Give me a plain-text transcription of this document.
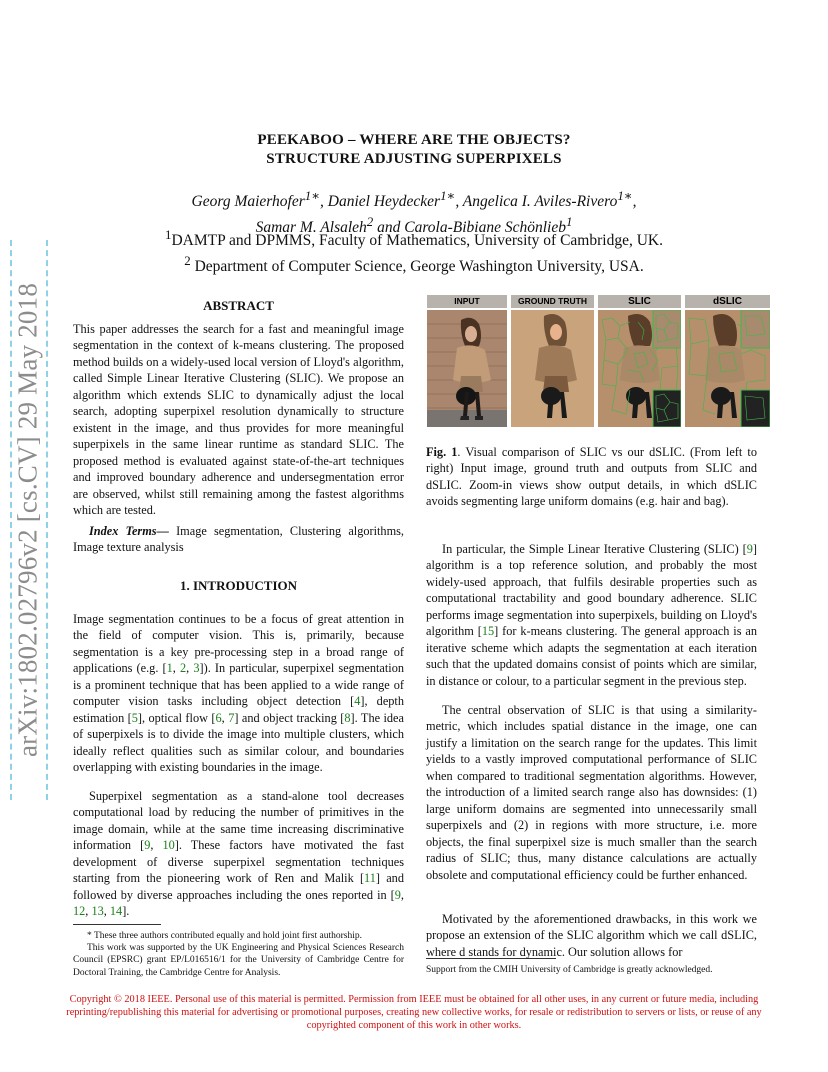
arXiv:1802.02796v2 [cs.CV] 29 May 2018
PEEKABOO – WHERE ARE THE OBJECTS?
STRUCTURE ADJUSTING SUPERPIXELS
Georg Maierhofer$^{1∗}$, Daniel Heydecker$^{1∗}$, Angelica I. Aviles-Rivero$^{1∗}$,
Samar M. Alsaleh$^2$ and Carola-Bibiane Schönlieb$^1$
$^1$DAMTP and DPMMS, Faculty of Mathematics, University of Cambridge, UK.
$^2$ Department of Computer Science, George Washington University, USA.
ABSTRACT
This paper addresses the search for a fast and meaningful image segmentation in the context of k-means clustering. The proposed method builds on a widely-used local version of Lloyd's algorithm, called Simple Linear Iterative Clustering (SLIC). We propose an algorithm which extends SLIC to dynamically adjust the local search, adopting superpixel resolution dynamically to structure existent in the image, and thus provides for more meaningful superpixels in the same linear runtime as standard SLIC. The proposed method is evaluated against state-of-the-art techniques and improved boundary adherence and undersegmentation error are observed, whilst still remaining among the fastest algorithms which are tested.
Index Terms— Image segmentation, Clustering algorithms, Image texture analysis
1. INTRODUCTION
Image segmentation continues to be a focus of great attention in the field of computer vision. This is, primarily, because segmentation is a key pre-processing step in a broad range of applications (e.g. [1, 2, 3]). In particular, superpixel segmentation is a prominent technique that has been applied to a wide range of computer vision tasks including object detection [4], depth estimation [5], optical flow [6, 7] and object tracking [8]. The idea of superpixels is to divide the image into multiple clusters, which ideally reflect qualities such as similar colour, and boundaries overlapping with existing boundaries in the image.
Superpixel segmentation as a stand-alone tool decreases computational load by reducing the number of primitives in the image domain, while at the same time increasing discriminative information [9, 10]. These factors have motivated the fast development of diverse superpixel segmentation techniques starting from the pioneering work of Ren and Malik [11] and followed by diverse approaches including the ones reported in [9, 12, 13, 14].
* These three authors contributed equally and hold joint first authorship.
This work was supported by the UK Engineering and Physical Sciences Research Council (EPSRC) grant EP/L016516/1 for the University of Cambridge Centre for Doctoral Training, the Cambridge Centre for Analysis.
INPUT	GROUND TRUTH	SLIC	dSLIC
Fig. 1. Visual comparison of SLIC vs our dSLIC. (From left to right) Input image, ground truth and outputs from SLIC and dSLIC. Zoom-in views show output details, in which dSLIC avoids segmenting large uniform domains (e.g. hair and bag).
In particular, the Simple Linear Iterative Clustering (SLIC) [9] algorithm is a top reference solution, and probably the most widely-used approach, that fulfils desirable properties such as computational tractability and good boundary adherence. SLIC performs image segmentation into superpixels, building on Lloyd's algorithm [15] for k-means clustering. The general approach is an iterative scheme which adapts the segmentation at each iteration such that the updated domains consist of points which are similar, in distance or colour, to a particular segment in the previous step.
The central observation of SLIC is that using a similarity-metric, which includes spatial distance in the image, one can justify a limitation on the search range for the updates. This limit yields to a vastly improved computational performance of SLIC when compared to traditional segmentation algorithms. However, the introduction of a limited search range also has downsides: (1) large uniform domains are segmented into unnecessarily small superpixels and (2) in regions with more structure, i.e. more objects, the final superpixel size is much smaller than the search radius of SLIC; thus, many distance calculations are actually obsolete and computational efficiency could be further enhanced.
Motivated by the aforementioned drawbacks, in this work we propose an extension of the SLIC algorithm which we call dSLIC, where d stands for dynamic. Our solution allows for
Support from the CMIH University of Cambridge is greatly acknowledged.
Copyright © 2018 IEEE. Personal use of this material is permitted. Permission from IEEE must be obtained for all other uses, in any current or future media, including reprinting/republishing this material for advertising or promotional purposes, creating new collective works, for resale or redistribution to servers or lists, or reuse of any copyrighted component of this work in other works.
